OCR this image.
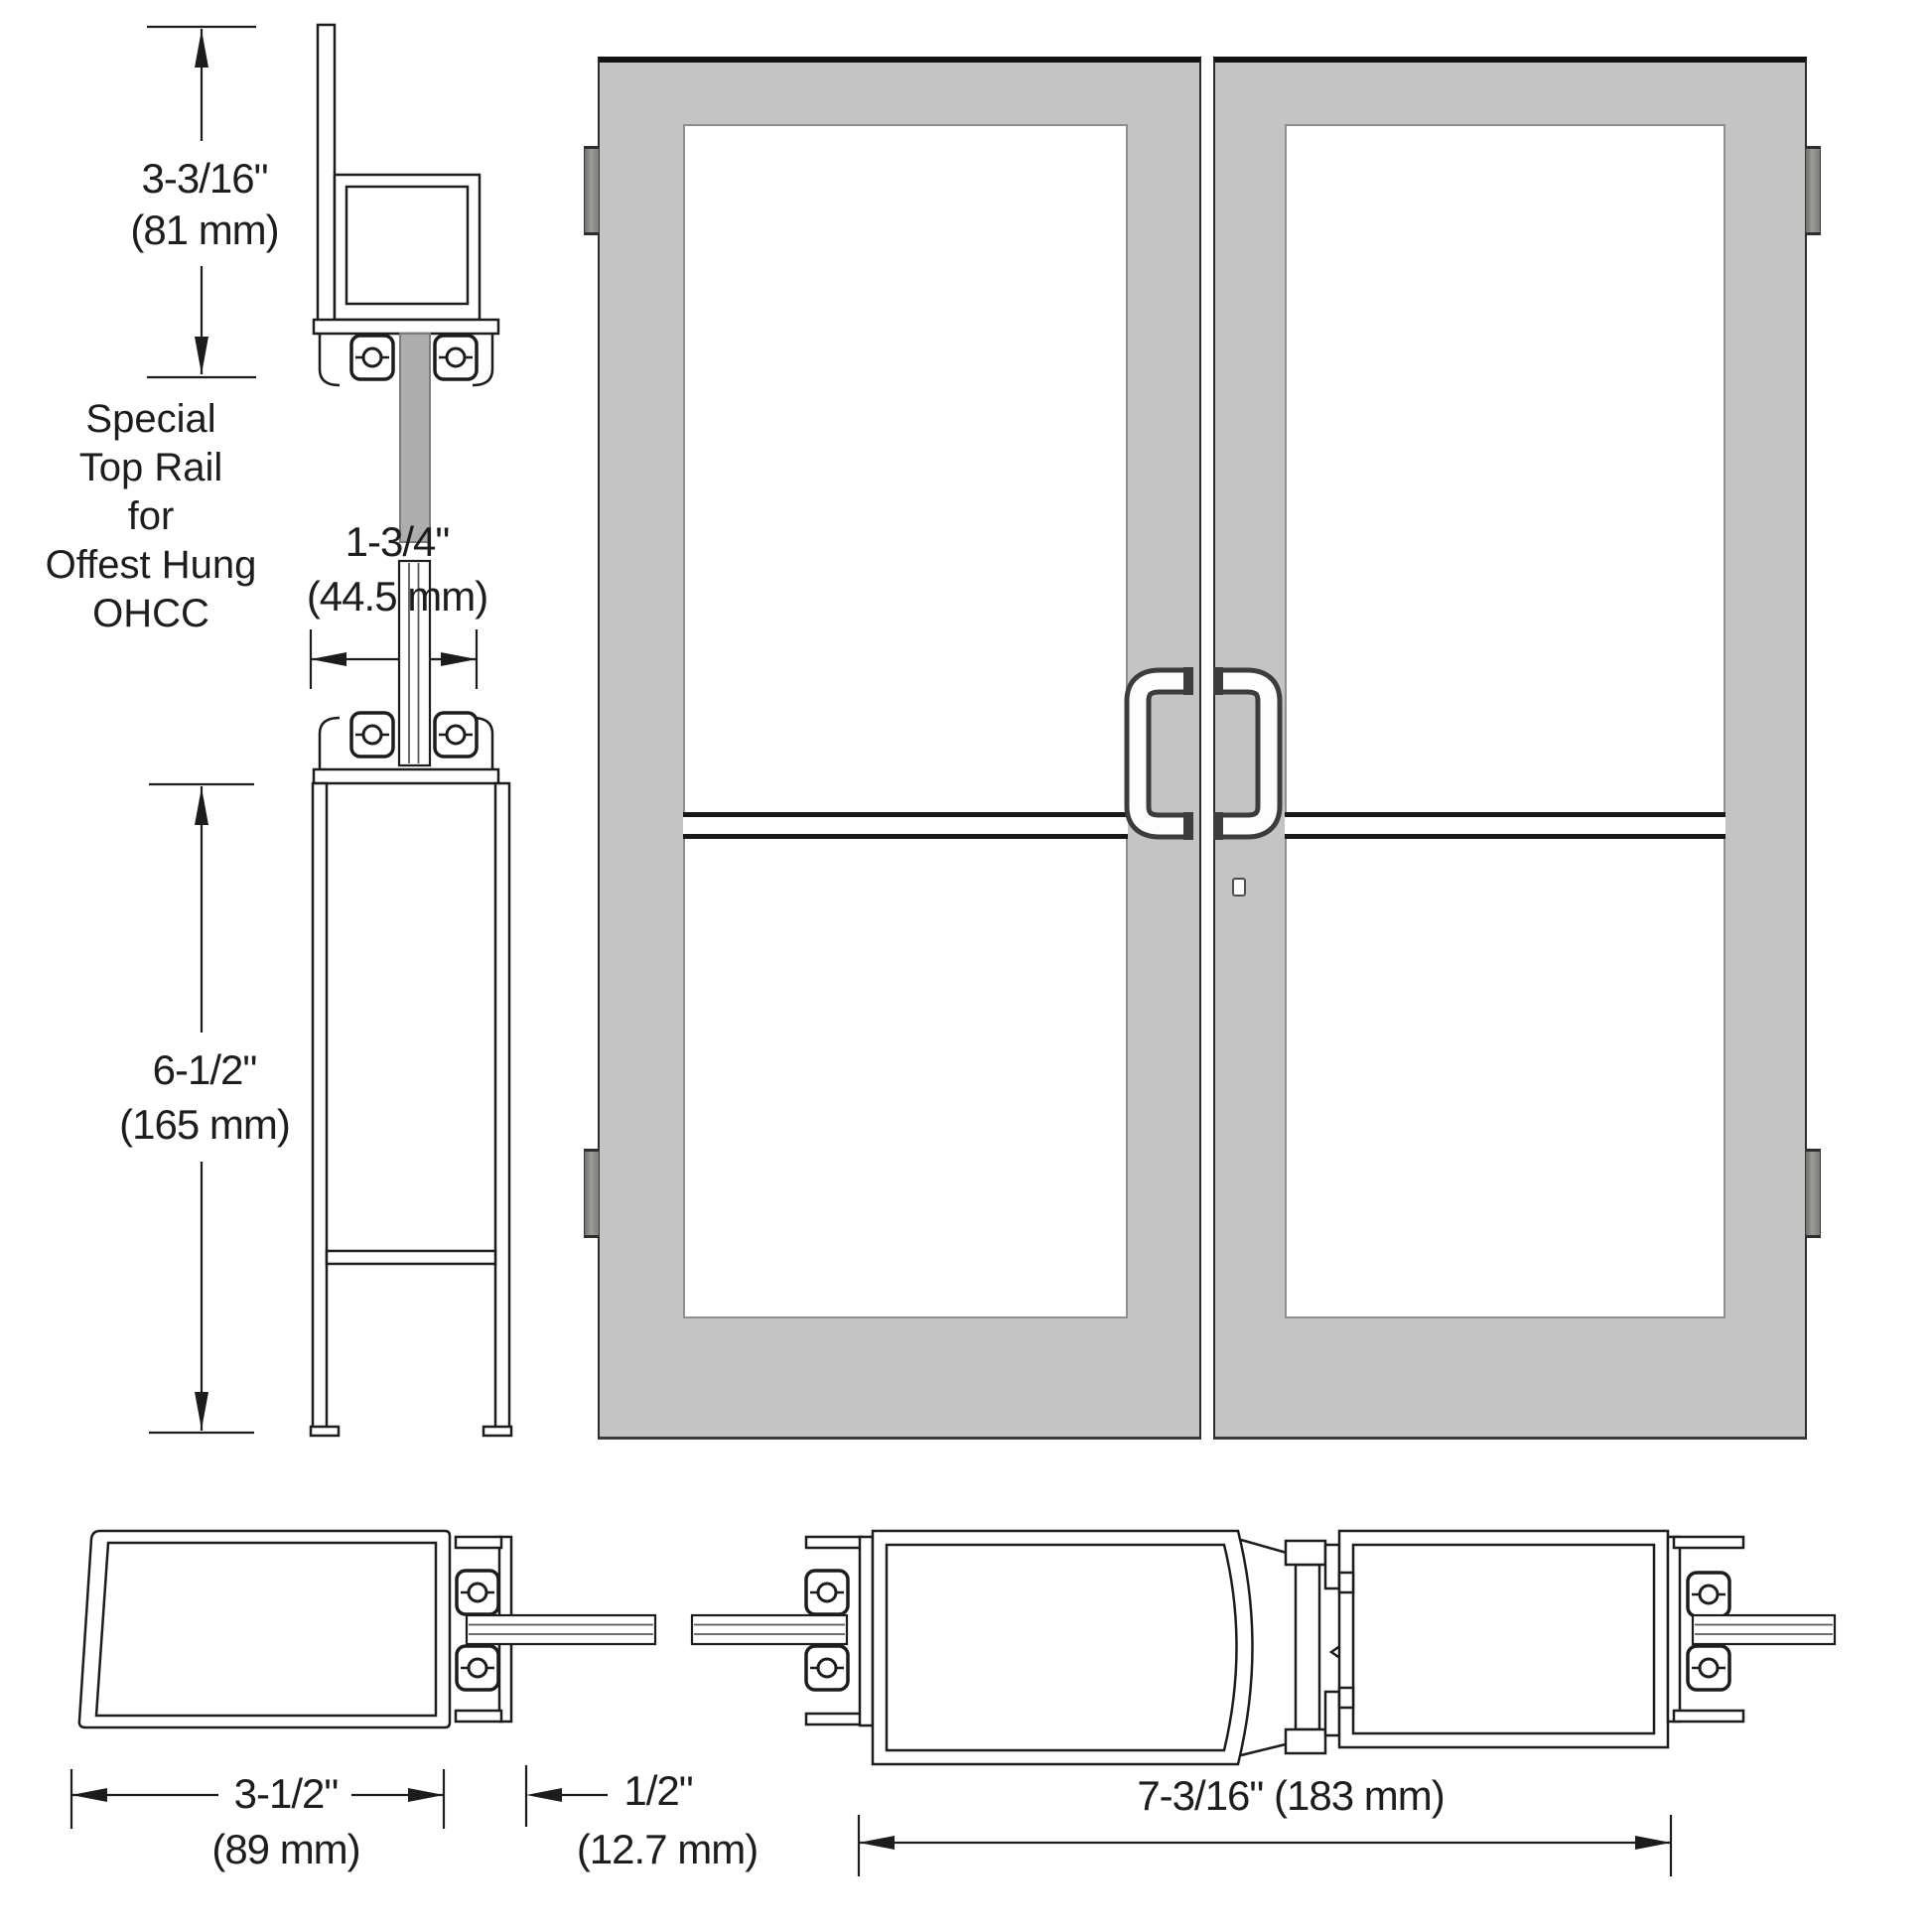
3-3/16"
(81 mm)
Special
Top Rail
for
Offest Hung
OHCC
1-3/4"
(44.5 mm)
6-1/2"
(165 mm)
3-1/2"
(89 mm)
1/2"
(12.7 mm)
7-3/16" (183 mm)
